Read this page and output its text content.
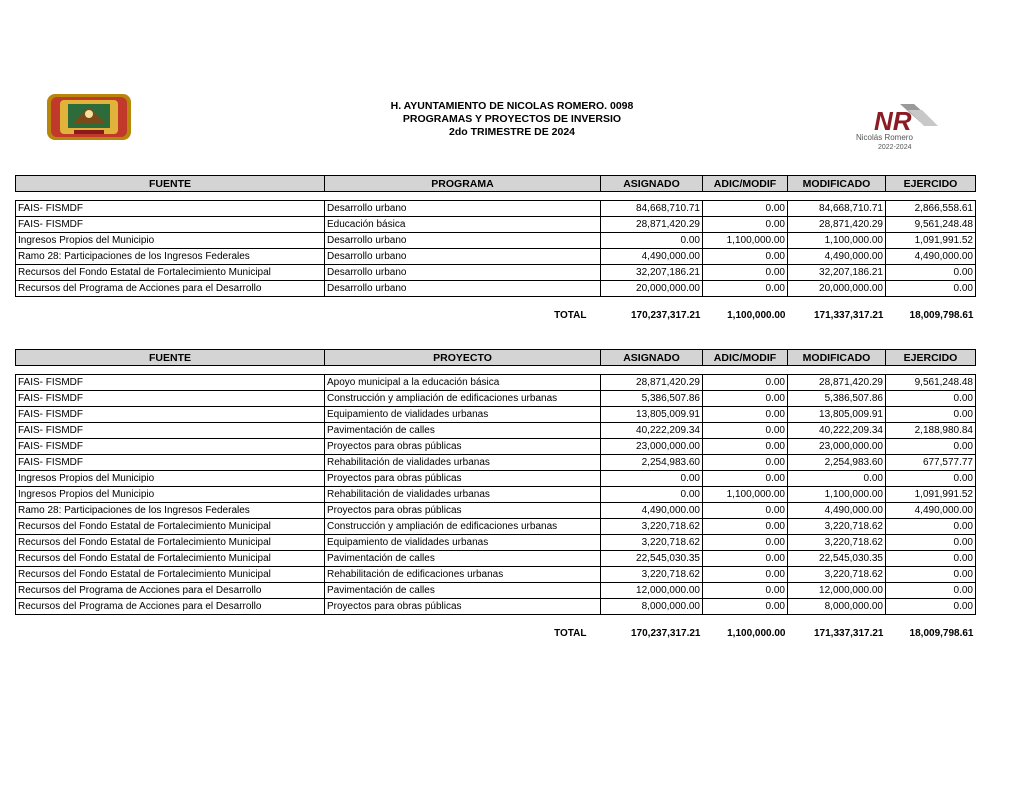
NR
Nicolás Romero
2022-2024
H. AYUNTAMIENTO DE NICOLAS ROMERO. 0098
PROGRAMAS Y PROYECTOS DE INVERSIO
2do TRIMESTRE DE 2024
FUENTE	PROGRAMA	ASIGNADO	ADIC/MODIF	MODIFICADO	EJERCIDO

FAIS- FISMDF	Desarrollo urbano	84,668,710.71	0.00	84,668,710.71	2,866,558.61
FAIS- FISMDF	Educación básica	28,871,420.29	0.00	28,871,420.29	9,561,248.48
Ingresos Propios del Municipio	Desarrollo urbano	0.00	1,100,000.00	1,100,000.00	1,091,991.52
Ramo 28: Participaciones de los Ingresos Federales	Desarrollo urbano	4,490,000.00	0.00	4,490,000.00	4,490,000.00
Recursos del Fondo Estatal de Fortalecimiento Municipal	Desarrollo urbano	32,207,186.21	0.00	32,207,186.21	0.00
Recursos del Programa de Acciones para el Desarrollo	Desarrollo urbano	20,000,000.00	0.00	20,000,000.00	0.00
	TOTAL	170,237,317.21	1,100,000.00	171,337,317.21	18,009,798.61
FUENTE	PROYECTO	ASIGNADO	ADIC/MODIF	MODIFICADO	EJERCIDO

FAIS- FISMDF	Apoyo municipal a la educación básica	28,871,420.29	0.00	28,871,420.29	9,561,248.48
FAIS- FISMDF	Construcción y ampliación de edificaciones urbanas	5,386,507.86	0.00	5,386,507.86	0.00
FAIS- FISMDF	Equipamiento de vialidades urbanas	13,805,009.91	0.00	13,805,009.91	0.00
FAIS- FISMDF	Pavimentación de calles	40,222,209.34	0.00	40,222,209.34	2,188,980.84
FAIS- FISMDF	Proyectos para obras públicas	23,000,000.00	0.00	23,000,000.00	0.00
FAIS- FISMDF	Rehabilitación de vialidades urbanas	2,254,983.60	0.00	2,254,983.60	677,577.77
Ingresos Propios del Municipio	Proyectos para obras públicas	0.00	0.00	0.00	0.00
Ingresos Propios del Municipio	Rehabilitación de vialidades urbanas	0.00	1,100,000.00	1,100,000.00	1,091,991.52
Ramo 28: Participaciones de los Ingresos Federales	Proyectos para obras públicas	4,490,000.00	0.00	4,490,000.00	4,490,000.00
Recursos del Fondo Estatal de Fortalecimiento Municipal	Construcción y ampliación de edificaciones urbanas	3,220,718.62	0.00	3,220,718.62	0.00
Recursos del Fondo Estatal de Fortalecimiento Municipal	Equipamiento de vialidades urbanas	3,220,718.62	0.00	3,220,718.62	0.00
Recursos del Fondo Estatal de Fortalecimiento Municipal	Pavimentación de calles	22,545,030.35	0.00	22,545,030.35	0.00
Recursos del Fondo Estatal de Fortalecimiento Municipal	Rehabilitación de edificaciones urbanas	3,220,718.62	0.00	3,220,718.62	0.00
Recursos del Programa de Acciones para el Desarrollo	Pavimentación de calles	12,000,000.00	0.00	12,000,000.00	0.00
Recursos del Programa de Acciones para el Desarrollo	Proyectos para obras públicas	8,000,000.00	0.00	8,000,000.00	0.00
	TOTAL	170,237,317.21	1,100,000.00	171,337,317.21	18,009,798.61
